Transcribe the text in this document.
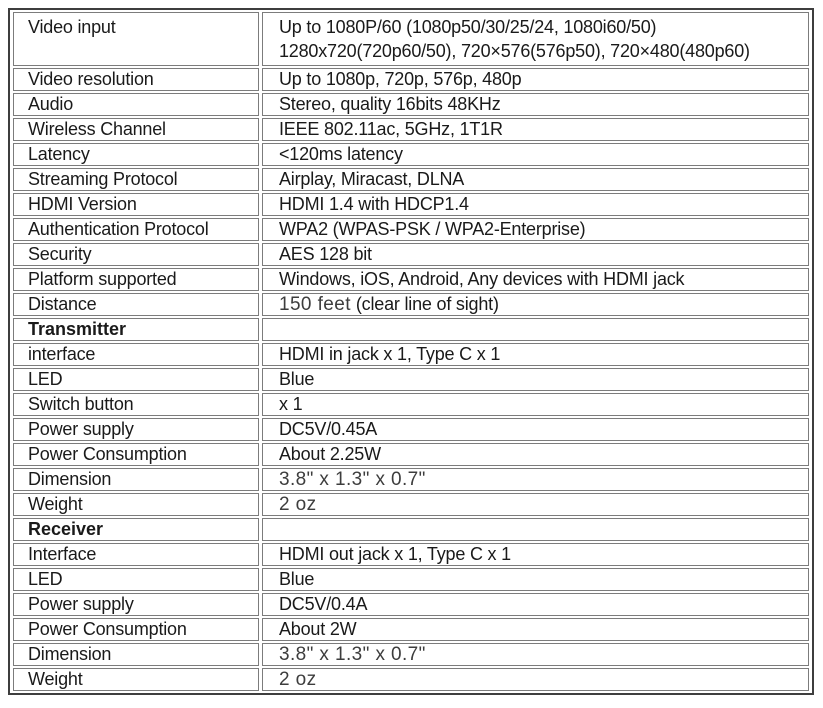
Video input	Up to 1080P/60 (1080p50/30/25/24, 1080i60/50)
1280x720(720p60/50), 720×576(576p50), 720×480(480p60)

Video resolution	Up to 1080p, 720p, 576p, 480p
Audio	Stereo, quality 16bits 48KHz
Wireless Channel	IEEE 802.11ac, 5GHz, 1T1R
Latency	<120ms latency
Streaming Protocol	Airplay, Miracast, DLNA
HDMI Version	HDMI 1.4 with HDCP1.4
Authentication Protocol	WPA2 (WPAS-PSK / WPA2-Enterprise)
Security	AES 128 bit
Platform supported	Windows, iOS, Android, Any devices with HDMI jack
Distance	150 feet (clear line of sight)
Transmitter	
interface	HDMI in jack x 1, Type C x 1
LED	Blue
Switch button	x 1
Power supply	DC5V/0.45A
Power Consumption	About 2.25W
Dimension	3.8" x 1.3" x 0.7"
Weight	2 oz
Receiver	
Interface	HDMI out jack x 1, Type C x 1
LED	Blue
Power supply	DC5V/0.4A
Power Consumption	About 2W
Dimension	3.8" x 1.3" x 0.7"
Weight	2 oz
